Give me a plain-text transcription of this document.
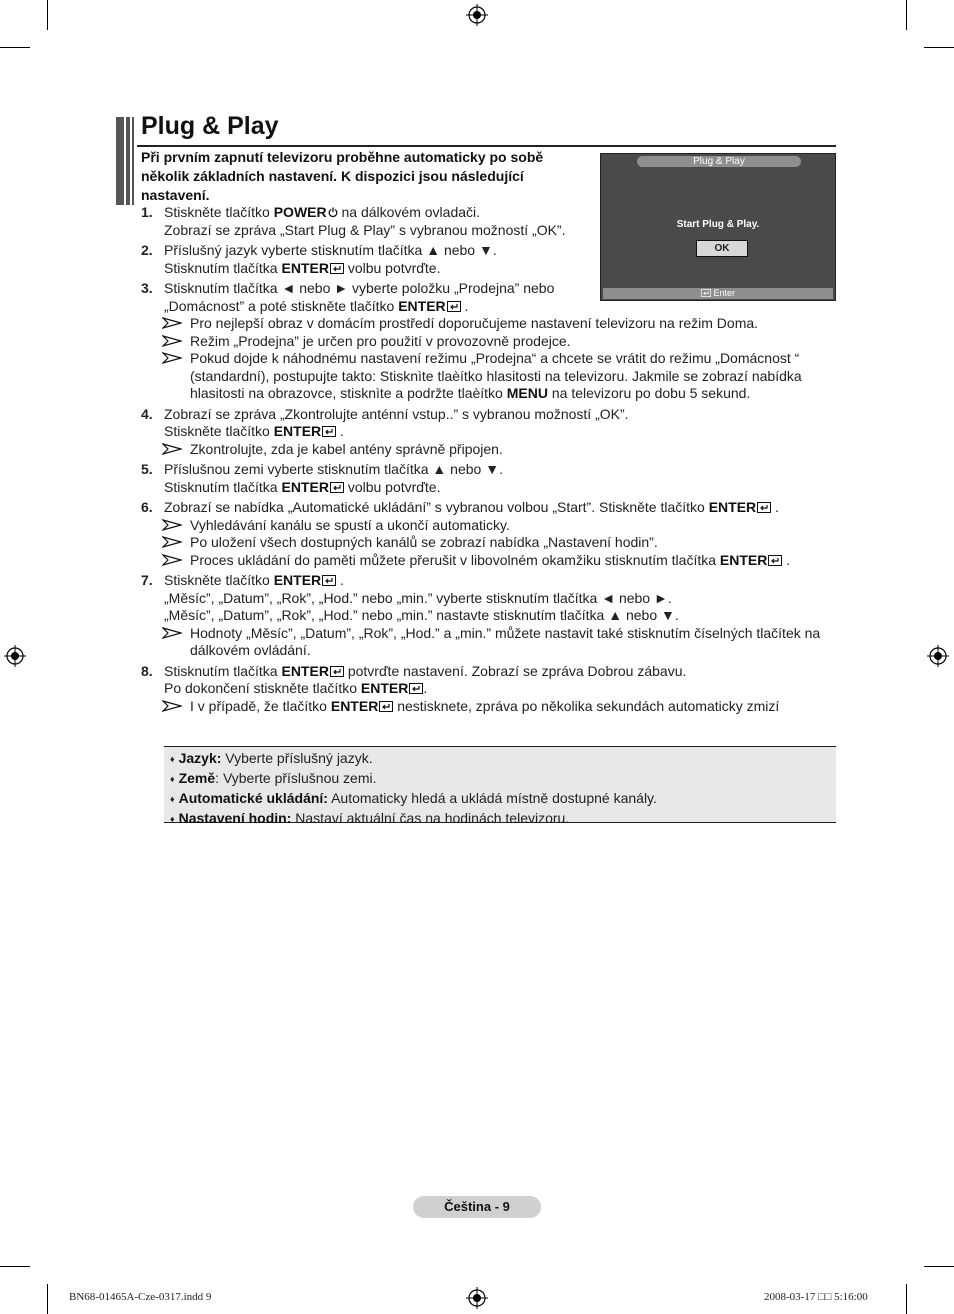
Plug & Play
Při prvním zapnutí televizoru proběhne automaticky po sobě několik základních nastavení. K dispozici jsou následující nastavení.
Plug & Play
Start Plug & Play.
OK
Enter
1. Stiskněte tlačítko POWER na dálkovém ovladači.
Zobrazí se zpráva „Start Plug & Play” s vybranou možností „OK”.
2. Příslušný jazyk vyberte stisknutím tlačítka ▲ nebo ▼.
Stisknutím tlačítka ENTER volbu potvrďte.
3. Stisknutím tlačítka ◄ nebo ► vyberte položku „Prodejna” nebo
„Domácnost” a poté stiskněte tlačítko ENTER .
Pro nejlepší obraz v domácím prostředí doporučujeme nastavení televizoru na režim Doma.
Režim „Prodejna” je určen pro použití v provozovně prodejce.
Pokud dojde k náhodnému nastavení režimu „Prodejna“ a chcete se vrátit do režimu „Domácnost “ (standardní), postupujte takto: Stisknìte tlaèítko hlasitosti na televizoru. Jakmile se zobrazí nabídka hlasitosti na obrazovce, stisknìte a podržte tlaèítko MENU na televizoru po dobu 5 sekund.
4. Zobrazí se zpráva „Zkontrolujte anténní vstup..” s vybranou možností „OK”.
Stiskněte tlačítko ENTER .
Zkontrolujte, zda je kabel antény správně připojen.
5. Příslušnou zemi vyberte stisknutím tlačítka ▲ nebo ▼.
Stisknutím tlačítka ENTER volbu potvrďte.
6. Zobrazí se nabídka „Automatické ukládání” s vybranou volbou „Start”. Stiskněte tlačítko ENTER .
Vyhledávání kanálu se spustí a ukončí automaticky.
Po uložení všech dostupných kanálů se zobrazí nabídka „Nastavení hodin”.
Proces ukládání do paměti můžete přerušit v libovolném okamžiku stisknutím tlačítka ENTER .
7. Stiskněte tlačítko ENTER .
„Měsíc”, „Datum”, „Rok”, „Hod.” nebo „min.” vyberte stisknutím tlačítka ◄ nebo ►.
„Měsíc”, „Datum”, „Rok”, „Hod.” nebo „min.” nastavte stisknutím tlačítka ▲ nebo ▼.
Hodnoty „Měsíc”, „Datum”, „Rok”, „Hod.” a „min.” můžete nastavit také stisknutím číselných tlačítek na dálkovém ovládání.
8. Stisknutím tlačítka ENTER potvrďte nastavení. Zobrazí se zpráva Dobrou zábavu.
Po dokončení stiskněte tlačítko ENTER .
I v případě, že tlačítko ENTER nestisknete, zpráva po několika sekundách automaticky zmizí
♦ Jazyk: Vyberte příslušný jazyk.
♦ Země: Vyberte příslušnou zemi.
♦ Automatické ukládání: Automaticky hledá a ukládá místně dostupné kanály.
♦ Nastavení hodin: Nastaví aktuální čas na hodinách televizoru.
Čeština - 9
BN68-01465A-Cze-0317.indd 9	2008-03-17 □□ 5:16:00
